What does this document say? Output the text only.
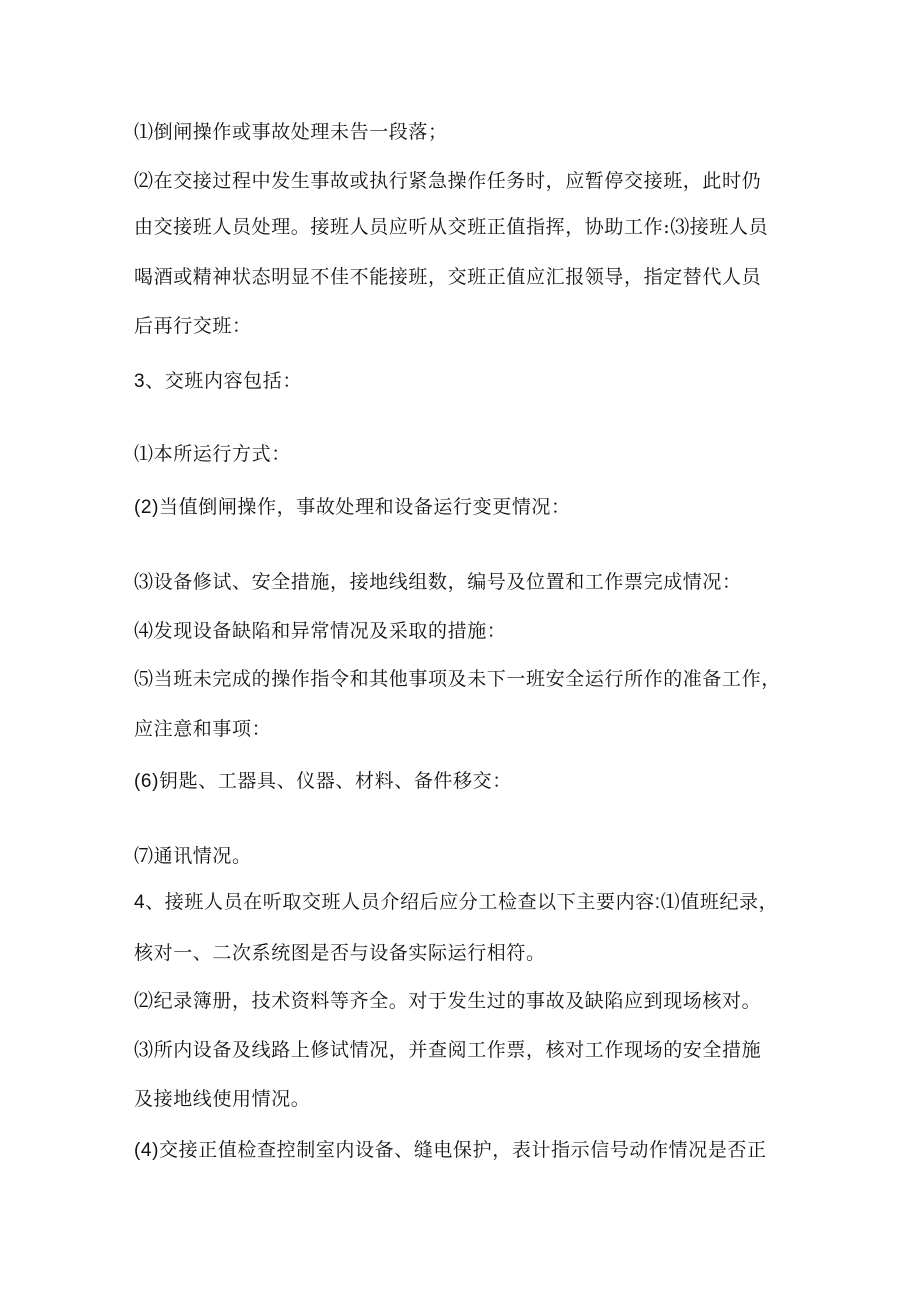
⑴倒闸操作或事故处理未告一段落；
⑵在交接过程中发生事故或执行紧急操作任务时，应暂停交接班，此时仍
由交接班人员处理。接班人员应听从交班正值指挥，协助工作:⑶接班人员
喝酒或精神状态明显不佳不能接班，交班正值应汇报领导，指定替代人员
后再行交班：
3、交班内容包括：
⑴本所运行方式：
(2)当值倒闸操作，事故处理和设备运行变更情况：
⑶设备修试、安全措施，接地线组数，编号及位置和工作票完成情况：
⑷发现设备缺陷和异常情况及采取的措施：
⑸当班未完成的操作指令和其他事项及未下一班安全运行所作的准备工作，
应注意和事项：
(6)钥匙、工器具、仪器、材料、备件移交：
⑺通讯情况。
4、接班人员在听取交班人员介绍后应分工检查以下主要内容:⑴值班纪录，
核对一、二次系统图是否与设备实际运行相符。
⑵纪录簿册，技术资料等齐全。对于发生过的事故及缺陷应到现场核对。
⑶所内设备及线路上修试情况，并查阅工作票，核对工作现场的安全措施
及接地线使用情况。
(4)交接正值检查控制室内设备、缝电保护，表计指示信号动作情况是否正
